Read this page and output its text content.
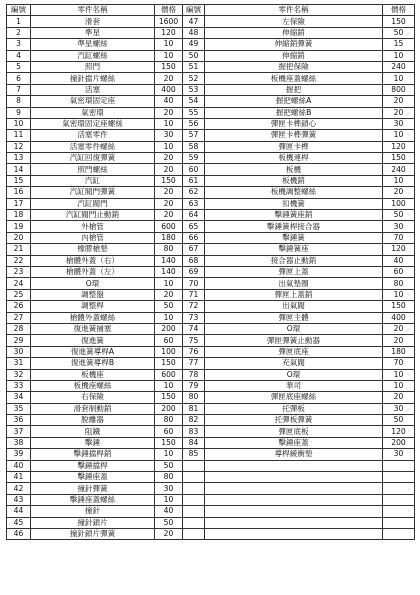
編號	零件名稱	價格	編號	零件名稱	價格
1	滑套	1600	47	左保險	150
2	準星	120	48	伸縮銷	50
3	準星螺絲	10	49	伸縮銷彈簧	15
4	汽缸螺絲	10	50	伸縮銷	10
5	照門	150	51	握把保險	240
6	撞針擋片螺絲	20	52	板機座蓋螺絲	10
7	活塞	400	53	握把	800
8	氣密環固定座	40	54	握把螺絲A	20
9	氣密環	20	55	握把螺絲B	20
10	氣密環固定座螺絲	10	56	彈匣卡榫鎖心	30
11	活塞零件	30	57	彈匣卡榫彈簧	10
12	活塞零件螺絲	10	58	彈匣卡榫	120
13	汽缸回復彈簧	20	59	板機連桿	150
14	照門螺絲	20	60	板機	240
15	汽缸	150	61	板機銷	10
16	汽缸閥門彈簧	20	62	板機調整螺絲	20
17	汽缸閥門	20	63	扣機簧	100
18	汽缸閥門止動銷	20	64	擊錘簧座銷	50
19	外槍管	600	65	擊錘簧桿接合器	30
20	內槍管	180	66	擊錘簧	70
21	橡膠槍墊	80	67	擊錘簧座	120
22	槍體外蓋（右）	140	68	接合器止動銷	40
23	槍體外蓋（左）	140	69	彈匣上蓋	60
24	O環	10	70	出氣墊圈	80
25	調整盤	20	71	彈匣上蓋銷	10
26	調整桿	50	72	出氣閥	150
27	槍體外蓋螺絲	10	73	彈匣主體	400
28	復進簧捕塞	200	74	O環	20
29	復進簧	60	75	彈匣彈簧止動器	20
30	復進簧導桿A	100	76	彈匣底座	180
31	復進簧導桿B	150	77	充氣閥	70
32	板機座	600	78	O環	10
33	板機座螺絲	10	79	華司	10
34	右保險	150	80	彈匣底座螺絲	20
35	滑套制動銷	200	81	托彈板	30
36	脫離器	80	82	托彈板彈簧	50
37	阻鐵	60	83	彈匣底板	120
38	擊錘	150	84	擊錘座蓋	200
39	擊錘擋桿銷	10	85	導桿緩衝墊	30
40	擊錘擋桿	50			
41	擊錘座蓋	80			
42	撞針彈簧	30			
43	擊錘座蓋螺絲	10			
44	撞針	40			
45	撞針鎖片	50			
46	撞針鎖片彈簧	20			
